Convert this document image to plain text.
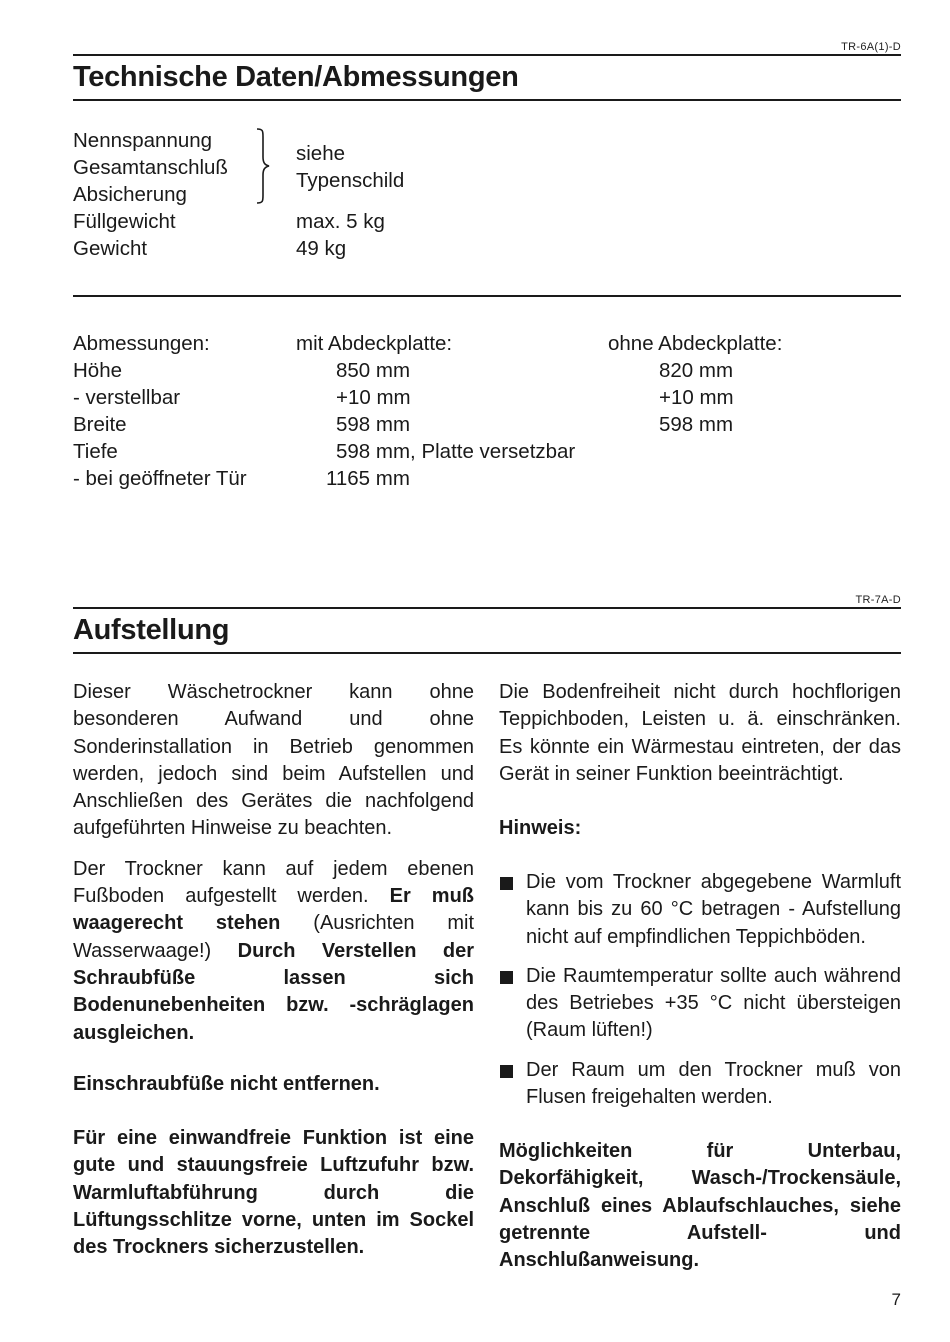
TR-6A(1)-D
Technische Daten/Abmessungen
Nennspannung
Gesamtanschluß
Absicherung
Füllgewicht
Gewicht
siehe
Typenschild
max. 5 kg
49 kg
Abmessungen:
Höhe
- verstellbar
Breite
Tiefe
- bei geöffneter Tür
mit Abdeckplatte:
850 mm
+10 mm
598 mm
598 mm, Platte versetzbar
1165 mm
ohne Abdeckplatte:
820 mm
+10 mm
598 mm
TR-7A-D
Aufstellung

Dieser Wäschetrockner kann ohne besonderen Aufwand und ohne Sonderinstallation in Betrieb genommen werden, jedoch sind beim Aufstellen und Anschließen des Gerätes die nachfolgend aufgeführten Hinweise zu beachten.

Der Trockner kann auf jedem ebenen Fußboden aufgestellt werden. Er muß waagerecht stehen (Ausrichten mit Wasserwaage!) Durch Verstellen der Schraubfüße lassen sich Bodenunebenheiten bzw. -schräglagen ausgleichen.

Einschraubfüße nicht entfernen.

Für eine einwandfreie Funktion ist eine gute und stauungsfreie Luftzufuhr bzw. Warmluftabführung durch die Lüftungsschlitze vorne, unten im Sockel des Trockners sicherzustellen.

Die Bodenfreiheit nicht durch hochflorigen Teppichboden, Leisten u. ä. einschränken. Es könnte ein Wärmestau eintreten, der das Gerät in seiner Funktion beeinträchtigt.

Hinweis:

Die vom Trockner abgegebene Warmluft kann bis zu 60 °C betragen - Aufstellung nicht auf empfindlichen Teppichböden.

Die Raumtemperatur sollte auch während des Betriebes +35 °C nicht übersteigen (Raum lüften!)

Der Raum um den Trockner muß von Flusen freigehalten werden.

Möglichkeiten für Unterbau, Dekorfähigkeit, Wasch-/Trockensäule, Anschluß eines Ablaufschlauches, siehe getrennte Aufstell- und Anschlußanweisung.

7
